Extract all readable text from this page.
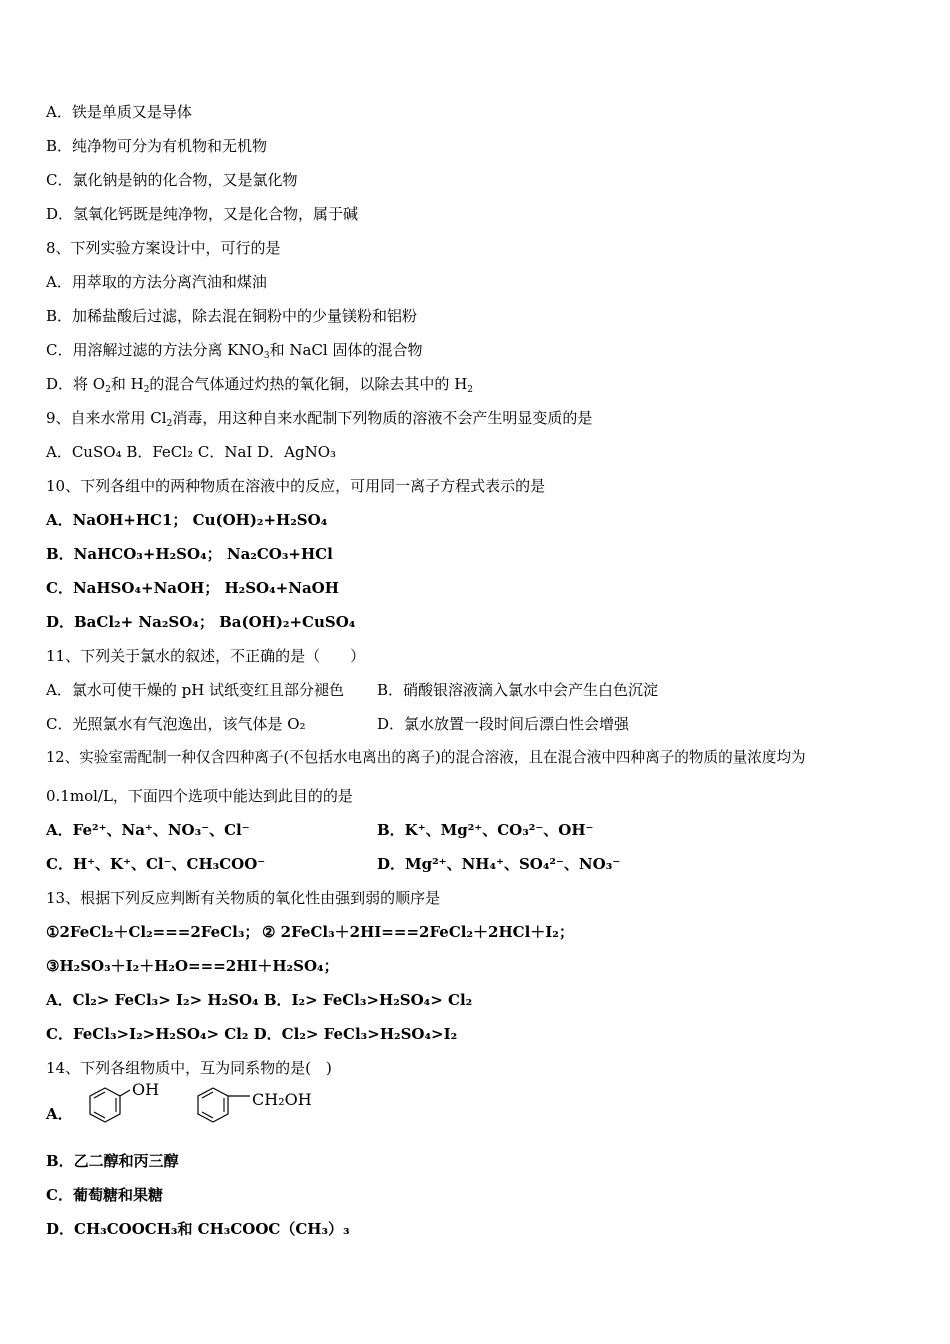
A．铁是单质又是导体
B．纯净物可分为有机物和无机物
C．氯化钠是钠的化合物，又是氯化物
D．氢氧化钙既是纯净物，又是化合物，属于碱
8、下列实验方案设计中，可行的是
A．用萃取的方法分离汽油和煤油
B．加稀盐酸后过滤，除去混在铜粉中的少量镁粉和铝粉
C．用溶解过滤的方法分离 $KNO_3$和 NaCl 固体的混合物
D．将 $O_2$和 $H_2$的混合气体通过灼热的氧化铜，以除去其中的 $H_2$
9、自来水常用 $Cl_2$消毒，用这种自来水配制下列物质的溶液不会产生明显变质的是
A．CuSO₄ B．FeCl₂ C．NaI D．AgNO₃
10、下列各组中的两种物质在溶液中的反应，可用同一离子方程式表示的是
A．NaOH+HC1； Cu(OH)₂+H₂SO₄
B．NaHCO₃+H₂SO₄； Na₂CO₃+HCl
C．NaHSO₄+NaOH； H₂SO₄+NaOH
D．BaCl₂+ Na₂SO₄； Ba(OH)₂+CuSO₄
11、下列关于氯水的叙述，不正确的是（　　）
A．氯水可使干燥的 pH 试纸变红且部分褪色 B．硝酸银溶液滴入氯水中会产生白色沉淀
C．光照氯水有气泡逸出，该气体是 O₂	D．氯水放置一段时间后漂白性会增强
12、实验室需配制一种仅含四种离子(不包括水电离出的离子)的混合溶液，且在混合液中四种离子的物质的量浓度均为
0.1mol/L，下面四个选项中能达到此目的的是
A．Fe²⁺、Na⁺、NO₃⁻、Cl⁻	B．K⁺、Mg²⁺、CO₃²⁻、OH⁻
C．H⁺、K⁺、Cl⁻、CH₃COO⁻	D．Mg²⁺、NH₄⁺、SO₄²⁻、NO₃⁻
13、根据下列反应判断有关物质的氧化性由强到弱的顺序是
①2FeCl₂＋Cl₂===2FeCl₃； ② 2FeCl₃＋2HI===2FeCl₂＋2HCl＋I₂；
③H₂SO₃＋I₂＋H₂O===2HI＋H₂SO₄；
A．Cl₂> FeCl₃> I₂> H₂SO₄ B．I₂> FeCl₃>H₂SO₄> Cl₂
C．FeCl₃>I₂>H₂SO₄> Cl₂ D．Cl₂> FeCl₃>H₂SO₄>I₂
14、下列各组物质中，互为同系物的是(　)
A．
OH
CH₂OH
B．乙二醇和丙三醇
C．葡萄糖和果糖
D．CH₃COOCH₃和 CH₃COOC（CH₃）₃
